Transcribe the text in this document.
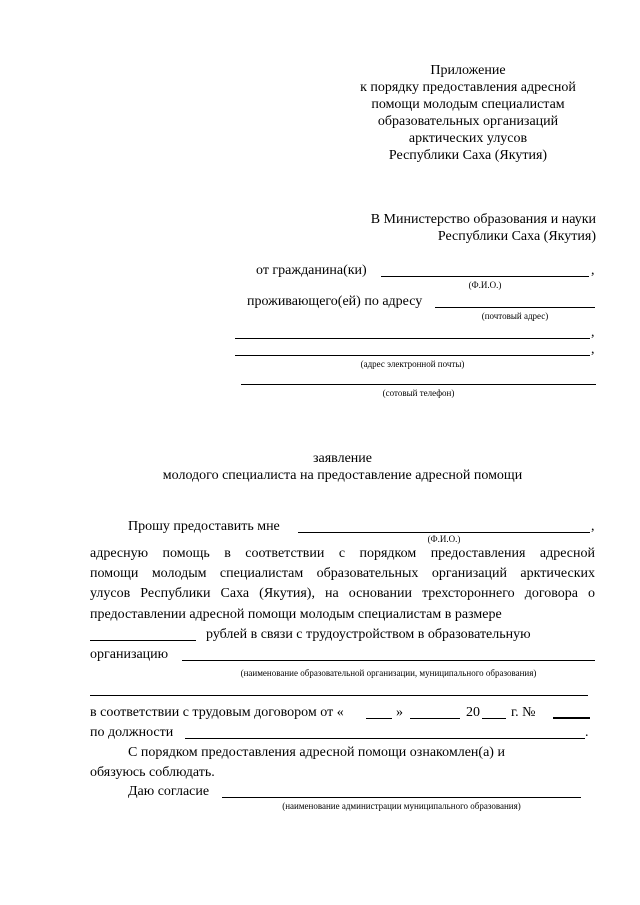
Приложение
к порядку предоставления адресной
помощи молодым специалистам
образовательных организаций
арктических улусов
Республики Саха (Якутия)
В Министерство образования и науки
Республики Саха (Якутия)
от гражданина(ки)	,
(Ф.И.О.)
проживающего(ей) по адресу
(почтовый адрес)
,
,
(адрес электронной почты)
(сотовый телефон)
заявление
молодого специалиста на предоставление адресной помощи
Прошу предоставить мне	,
(Ф.И.О.)
адресную помощь в соответствии с порядком предоставления адресной
помощи молодым специалистам образовательных организаций арктических
улусов Республики Саха (Якутия), на основании трехстороннего договора о
предоставлении адресной помощи молодым специалистам в размере
рублей в связи с трудоустройством в образовательную
организацию
(наименование образовательной организации, муниципального образования)
в соответствии с трудовым договором от «	»	20 г. №
по должности	.
С порядком предоставления адресной помощи ознакомлен(а) и
обязуюсь соблюдать.
Даю согласие
(наименование администрации муниципального образования)
